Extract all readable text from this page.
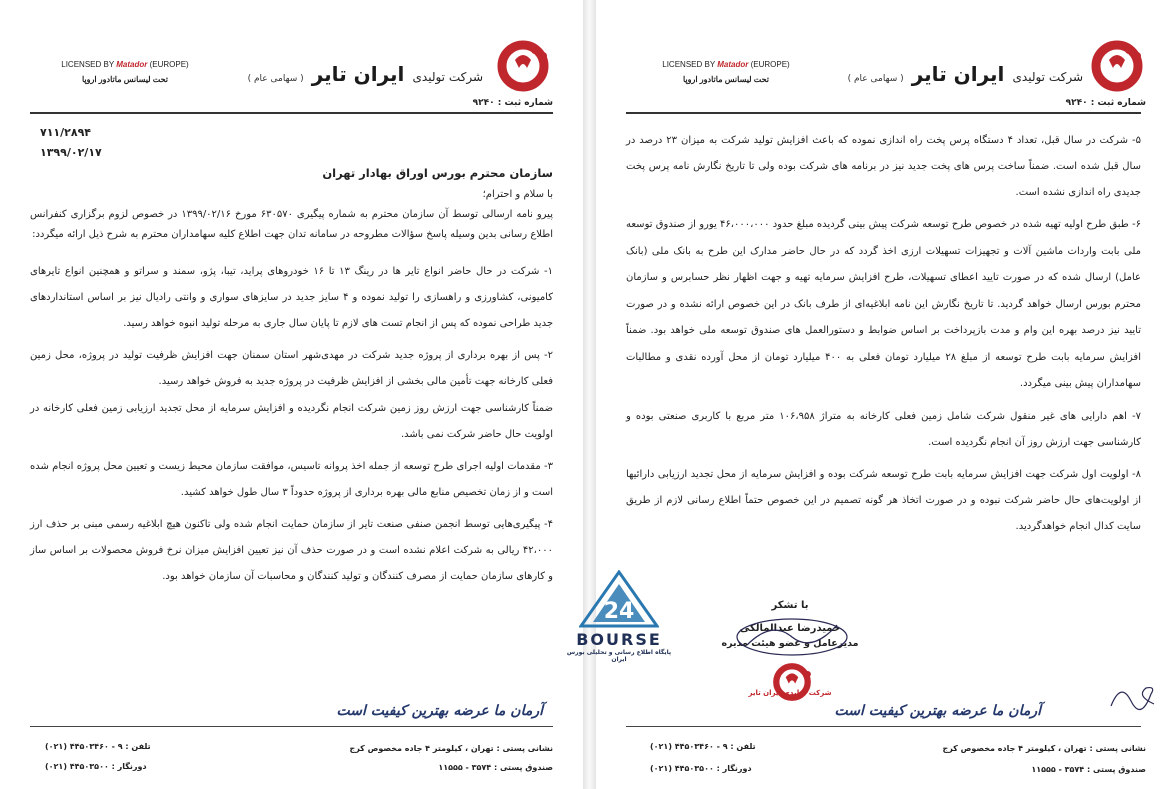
LICENSED BY Matador (EUROPE)
تحت لیسانس ماتادور اروپا	شرکت تولیدی ایران تایر ( سهامی عام )
شماره ثبت : ۹۲۴۰
۷۱۱/۲۸۹۴
۱۳۹۹/۰۲/۱۷

سازمان محترم بورس اوراق بهادار تهران

با سلام و احترام؛

پیرو نامه ارسالی توسط آن سازمان محترم به شماره پیگیری ۶۳۰۵۷۰ مورخ ۱۳۹۹/۰۲/۱۶ در خصوص لزوم برگزاری کنفرانس اطلاع رسانی بدین وسیله پاسخ سؤالات مطروحه در سامانه تدان جهت اطلاع کلیه سهامداران محترم به شرح ذیل ارائه میگردد:

۱- شرکت در حال حاضر انواع تایر ها در رینگ ۱۳ تا ۱۶ خودروهای پراید، تیبا، پژو، سمند و سراتو و همچنین انواع تایرهای کامیونی، کشاورزی و راهسازی را تولید نموده و ۴ سایز جدید در سایزهای سواری و وانتی رادیال نیز بر اساس استانداردهای جدید طراحی نموده که پس از انجام تست های لازم تا پایان سال جاری به مرحله تولید انبوه خواهد رسید.

۲- پس از بهره برداری از پروژه جدید شرکت در مهدی‌شهر استان سمنان جهت افزایش ظرفیت تولید در پروژه، محل زمین فعلی کارخانه جهت تأمین مالی بخشی از افزایش ظرفیت در پروژه جدید به فروش خواهد رسید.

ضمناً کارشناسی جهت ارزش روز زمین شرکت انجام نگردیده و افزایش سرمایه از محل تجدید ارزیابی زمین فعلی کارخانه در اولویت حال حاضر شرکت نمی باشد.

۳- مقدمات اولیه اجرای طرح توسعه از جمله اخذ پروانه تاسیس، موافقت سازمان محیط زیست و تعیین محل پروژه انجام شده است و از زمان تخصیص منابع مالی بهره برداری از پروژه حدوداً ۳ سال طول خواهد کشید.

۴- پیگیری‌هایی توسط انجمن صنفی صنعت تایر از سازمان حمایت انجام شده ولی تاکنون هیچ ابلاغیه رسمی مبنی بر حذف ارز ۴۲،۰۰۰ ریالی به شرکت اعلام نشده است و در صورت حذف آن نیز تعیین افزایش میزان نرخ فروش محصولات بر اساس ساز و کارهای سازمان حمایت از مصرف کنندگان و تولید کنندگان و محاسبات آن سازمان خواهد بود.

آرمان ما عرضه بهترین کیفیت است
نشانی پستی : تهران ، کیلومتر ۴ جاده مخصوص کرج
صندوق پستی : ۳۵۷۴ - ۱۱۵۵۵
تلفن : ۹ - ۴۴۵۰۳۴۶۰ (۰۲۱)
دورنگار : ۴۴۵۰۳۵۰۰ (۰۲۱)
LICENSED BY Matador (EUROPE)
تحت لیسانس ماتادور اروپا	شرکت تولیدی ایران تایر ( سهامی عام )
شماره ثبت : ۹۲۴۰

۵- شرکت در سال قبل، تعداد ۴ دستگاه پرس پخت راه اندازی نموده که باعث افزایش تولید شرکت به میزان ۲۳ درصد در سال قبل شده است. ضمناً ساخت پرس های پخت جدید نیز در برنامه های شرکت بوده ولی تا تاریخ نگارش نامه پرس پخت جدیدی راه اندازی نشده است.

۶- طبق طرح اولیه تهیه شده در خصوص طرح توسعه شرکت پیش بینی گردیده مبلغ حدود ۴۶،۰۰۰،۰۰۰ یورو از صندوق توسعه ملی بابت واردات ماشین آلات و تجهیزات تسهیلات ارزی اخذ گردد که در حال حاضر مدارک این طرح به بانک ملی (بانک عامل) ارسال شده که در صورت تایید اعطای تسهیلات، طرح افزایش سرمایه تهیه و جهت اظهار نظر حسابرس و سازمان محترم بورس ارسال خواهد گردید. تا تاریخ نگارش این نامه ابلاغیه‌ای از طرف بانک در این خصوص ارائه نشده و در صورت تایید نیز درصد بهره این وام و مدت بازپرداخت بر اساس ضوابط و دستورالعمل های صندوق توسعه ملی خواهد بود. ضمناً افزایش سرمایه بابت طرح توسعه از مبلغ ۲۸ میلیارد تومان فعلی به ۴۰۰ میلیارد تومان از محل آورده نقدی و مطالبات سهامداران پیش بینی میگردد.

۷- اهم دارایی های غیر منقول شرکت شامل زمین فعلی کارخانه به متراژ ۱۰۶،۹۵۸ متر مربع با کاربری صنعتی بوده و کارشناسی جهت ارزش روز آن انجام نگردیده است.

۸- اولویت اول شرکت جهت افزایش سرمایه بابت طرح توسعه شرکت بوده و افزایش سرمایه از محل تجدید ارزیابی دارائیها از اولویت‌های حال حاضر شرکت نبوده و در صورت اتخاذ هر گونه تصمیم در این خصوص حتماً اطلاع رسانی لازم از طریق سایت کدال انجام خواهدگردید.

آرمان ما عرضه بهترین کیفیت است
نشانی پستی : تهران ، کیلومتر ۴ جاده مخصوص کرج
صندوق پستی : ۳۵۷۴ - ۱۱۵۵۵
تلفن : ۹ - ۴۴۵۰۳۴۶۰ (۰۲۱)
دورنگار : ۴۴۵۰۳۵۰۰ (۰۲۱)
با تشکر
حمیدرضا عبدالمالکی
مدیرعامل و عضو هیئت مدیره
شرکت تولیدی ایران تایر
24
BOURSE
پایگاه اطلاع رسانی و تحلیلی بورس ایران
